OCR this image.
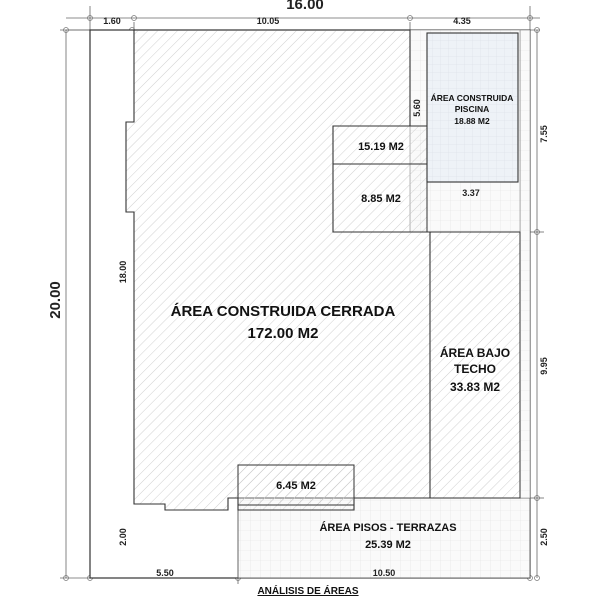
16.00
1.60	10.05	4.35
20.00
18.00
2.00
5.60
3.37
7.55
9.95
2.50
5.50	10.50
ÁREA CONSTRUIDA CERRADA
172.00 M2
ÁREA CONSTRUIDA
PISCINA
18.88 M2
15.19 M2
8.85 M2
ÁREA BAJO
TECHO
33.83 M2
6.45 M2
ÁREA PISOS - TERRAZAS
25.39 M2
ANÁLISIS DE ÁREAS
